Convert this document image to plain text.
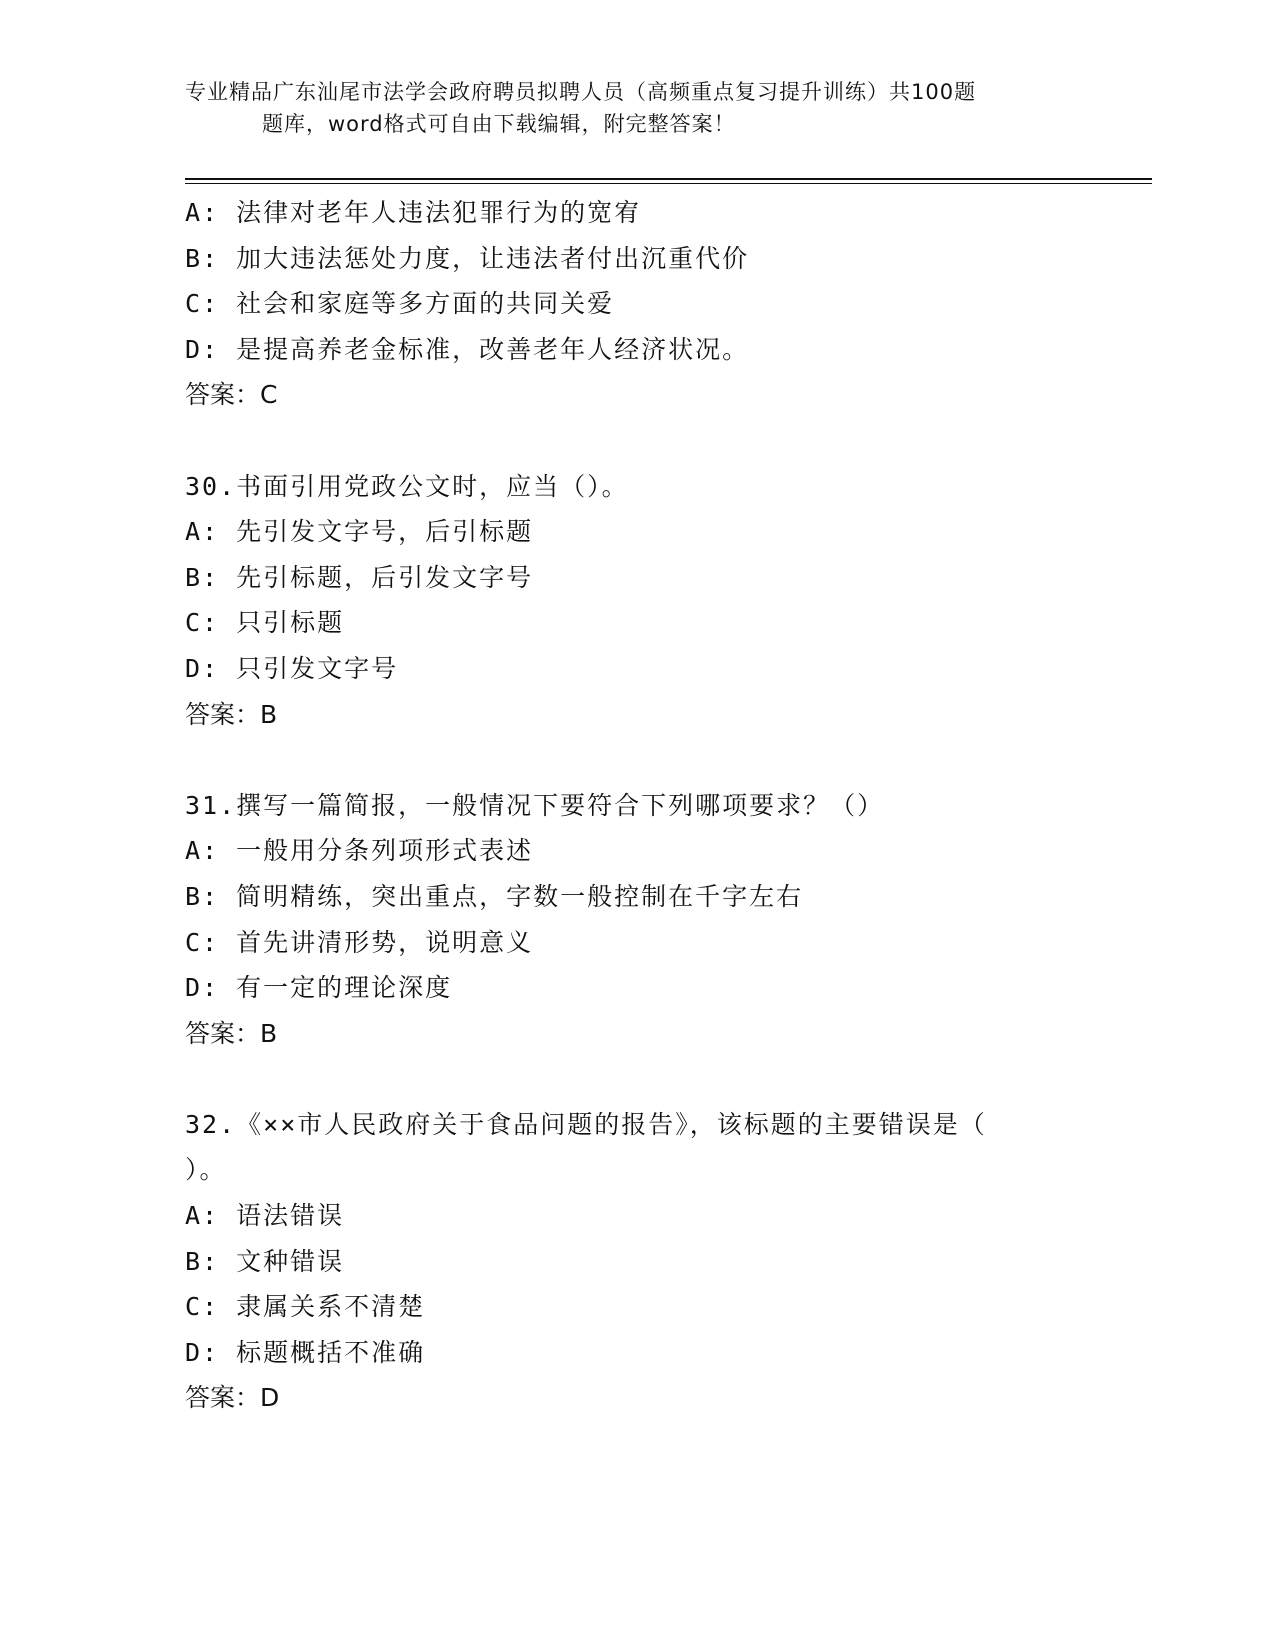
专业精品广东汕尾市法学会政府聘员拟聘人员（高频重点复习提升训练）共100题
题库，word格式可自由下载编辑，附完整答案！
A: 法律对老年人违法犯罪行为的宽宥
B: 加大违法惩处力度，让违法者付出沉重代价
C: 社会和家庭等多方面的共同关爱
D: 是提高养老金标准，改善老年人经济状况。
答案：C
30.书面引用党政公文时，应当（）。
A: 先引发文字号，后引标题
B: 先引标题，后引发文字号
C: 只引标题
D: 只引发文字号
答案：B
31.撰写一篇简报，一般情况下要符合下列哪项要求？（）
A: 一般用分条列项形式表述
B: 简明精练，突出重点，字数一般控制在千字左右
C: 首先讲清形势，说明意义
D: 有一定的理论深度
答案：B
32.《××市人民政府关于食品问题的报告》，该标题的主要错误是（
）。
A: 语法错误
B: 文种错误
C: 隶属关系不清楚
D: 标题概括不准确
答案：D
